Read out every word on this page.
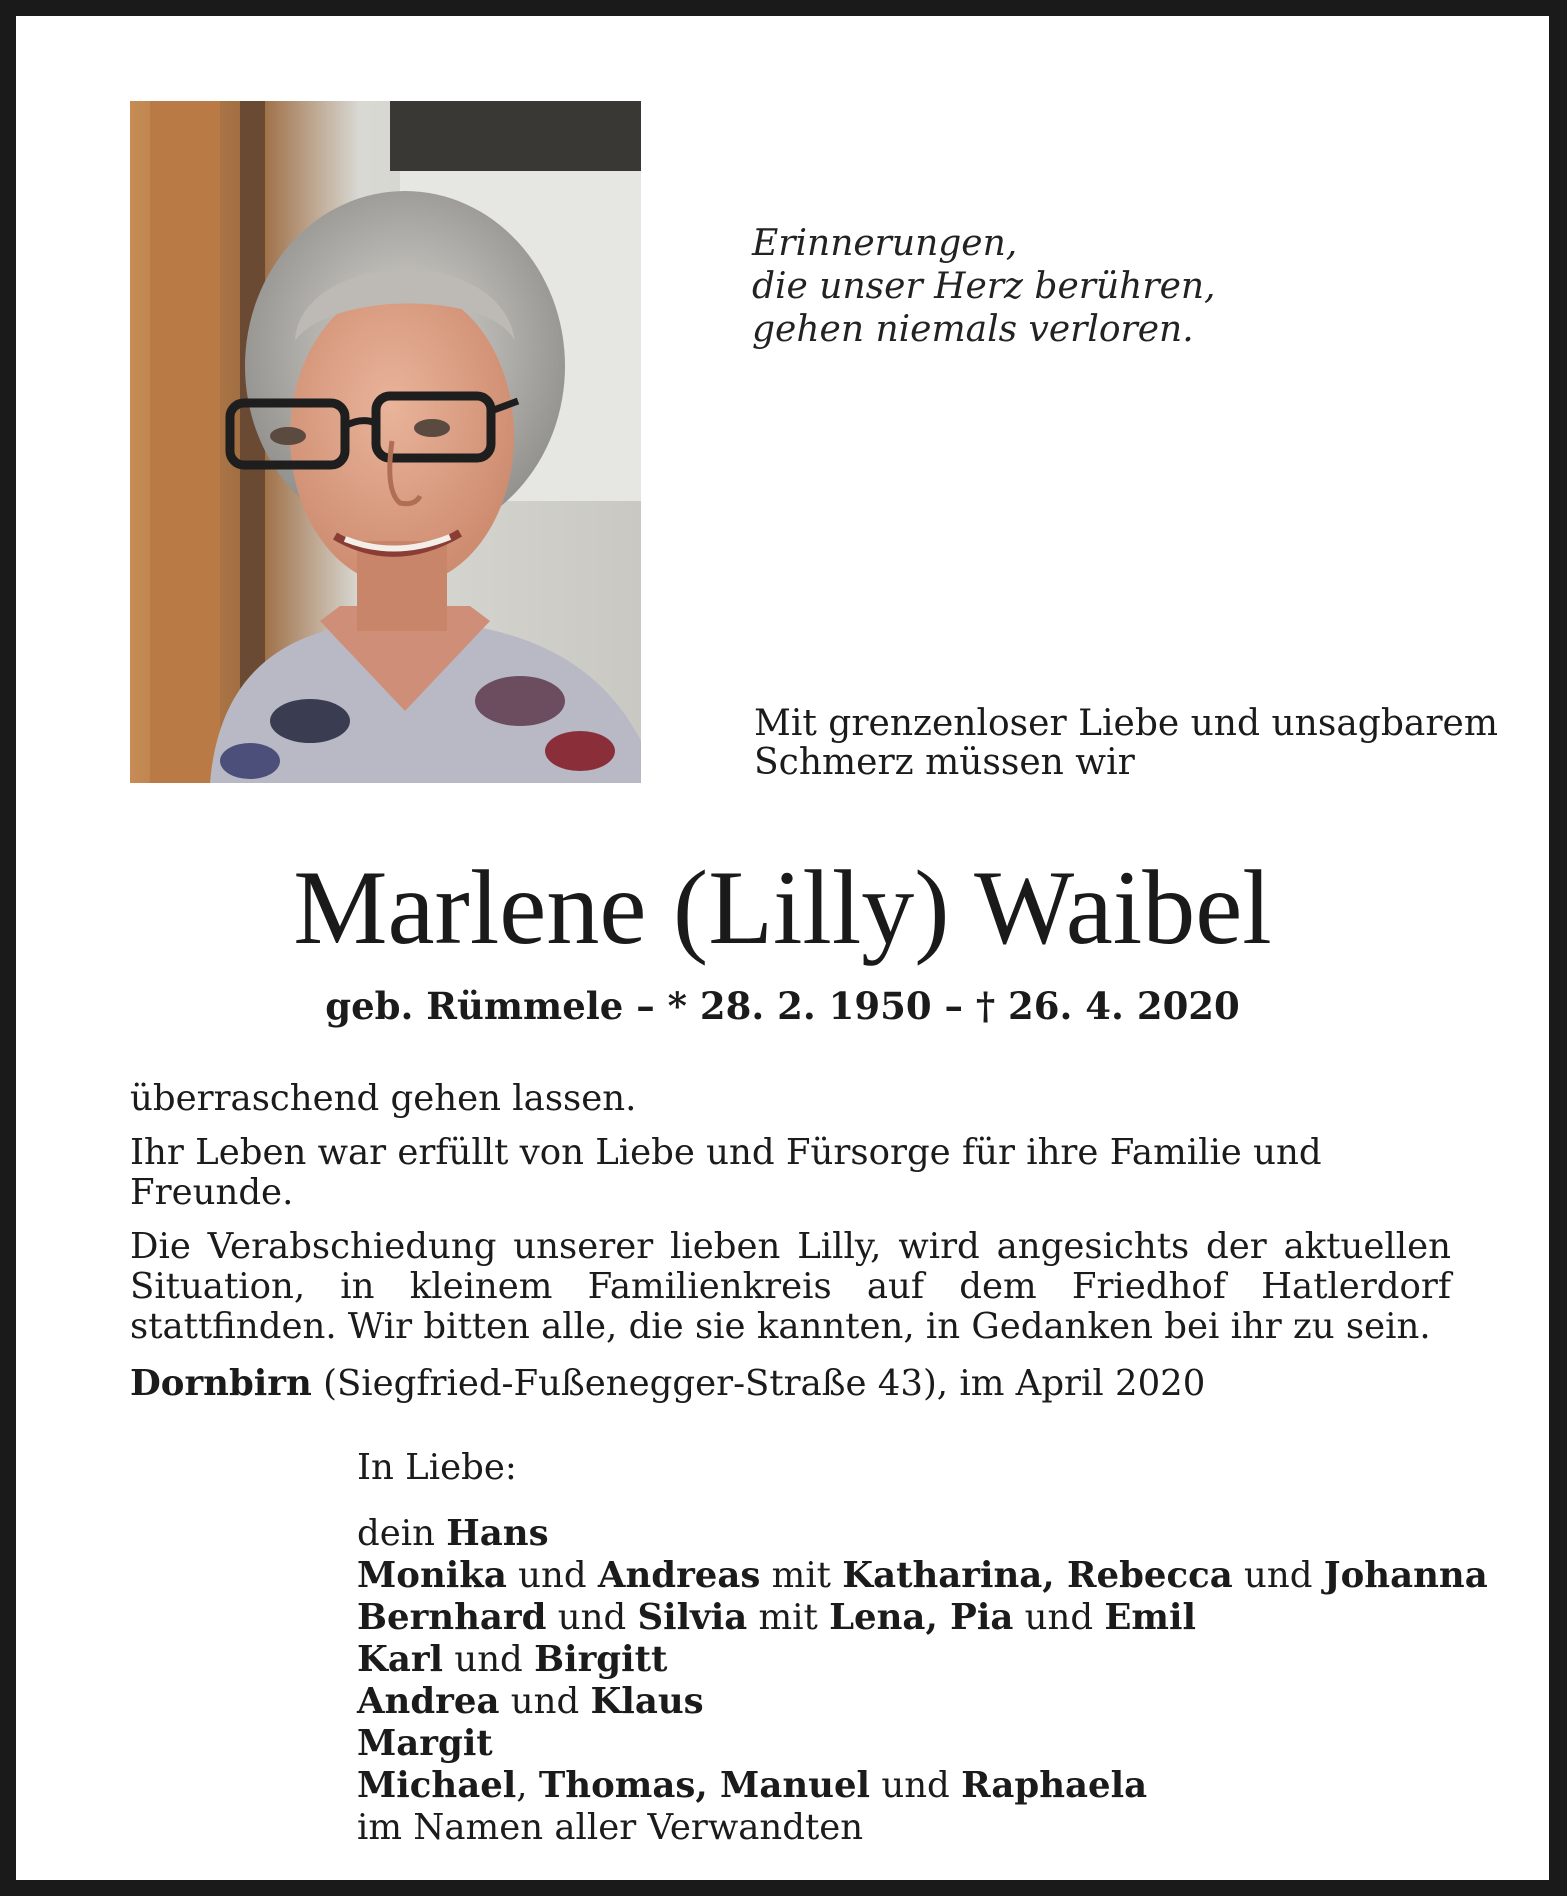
Erinnerungen,
die unser Herz berühren,
gehen niemals verloren.
Mit grenzenloser Liebe und unsagbarem
Schmerz müssen wir
Marlene (Lilly) Waibel
geb. Rümmele – * 28. 2. 1950 – † 26. 4. 2020

überraschend gehen lassen.

Ihr Leben war erfüllt von Liebe und Fürsorge für ihre Familie und Freunde.

Die Verabschiedung unserer lieben Lilly, wird angesichts der aktuellen Situation, in kleinem Familienkreis auf dem Friedhof Hatlerdorf stattfinden. Wir bitten alle, die sie kannten, in Gedanken bei ihr zu sein.

Dornbirn (Siegfried-Fußenegger-Straße 43), im April 2020
In Liebe:
dein Hans
Monika und Andreas mit Katharina, Rebecca und Johanna
Bernhard und Silvia mit Lena, Pia und Emil
Karl und Birgitt
Andrea und Klaus
Margit
Michael, Thomas, Manuel und Raphaela
im Namen aller Verwandten
